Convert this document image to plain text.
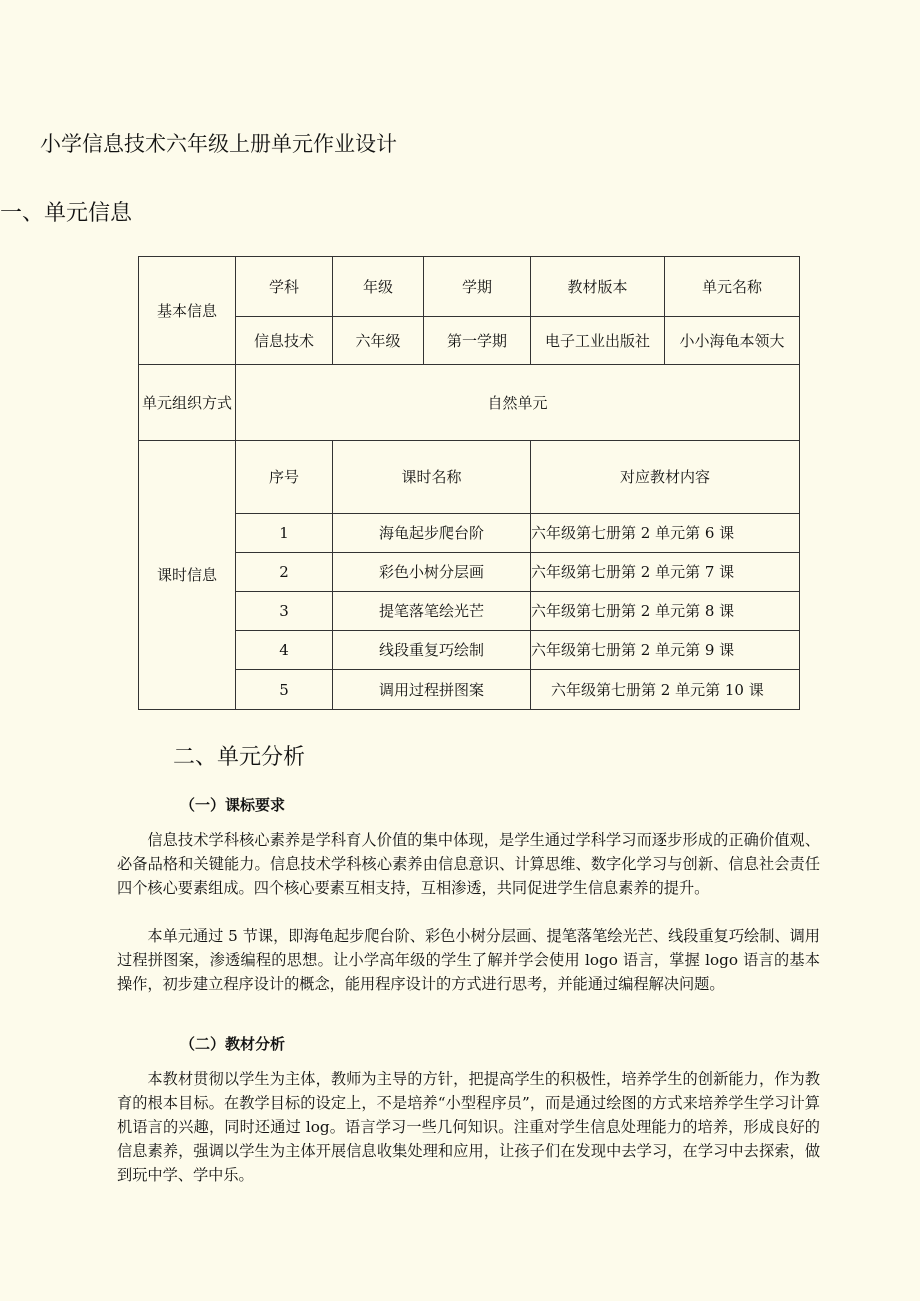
小学信息技术六年级上册单元作业设计
一、单元信息
基本信息	学科	年级	学期	教材版本	单元名称
	信息技术	六年级	第一学期	电子工业出版社	小小海龟本领大
单元组织方式	自然单元				
课时信息	序号	课时名称		对应教材内容	
	1	海龟起步爬台阶		六年级第七册第 2 单元第 6 课	
	2	彩色小树分层画		六年级第七册第 2 单元第 7 课	
	3	提笔落笔绘光芒		六年级第七册第 2 单元第 8 课	
	4	线段重复巧绘制		六年级第七册第 2 单元第 9 课	
	5	调用过程拼图案		六年级第七册第 2 单元第 10 课	
二、单元分析
（一）课标要求

信息技术学科核心素养是学科育人价值的集中体现，是学生通过学科学习而逐步形成的正确价值观、必备品格和关键能力。信息技术学科核心素养由信息意识、计算思维、数字化学习与创新、信息社会责任四个核心要素组成。四个核心要素互相支持，互相渗透，共同促进学生信息素养的提升。

本单元通过 5 节课，即海龟起步爬台阶、彩色小树分层画、提笔落笔绘光芒、线段重复巧绘制、调用过程拼图案，渗透编程的思想。让小学高年级的学生了解并学会使用 logo 语言，掌握 logo 语言的基本操作，初步建立程序设计的概念，能用程序设计的方式进行思考，并能通过编程解决问题。

（二）教材分析

本教材贯彻以学生为主体，教师为主导的方针，把提高学生的积极性，培养学生的创新能力，作为教育的根本目标。在教学目标的设定上，不是培养“小型程序员”，而是通过绘图的方式来培养学生学习计算机语言的兴趣，同时还通过 log。语言学习一些几何知识。注重对学生信息处理能力的培养，形成良好的信息素养，强调以学生为主体开展信息收集处理和应用，让孩子们在发现中去学习，在学习中去探索，做到玩中学、学中乐。
